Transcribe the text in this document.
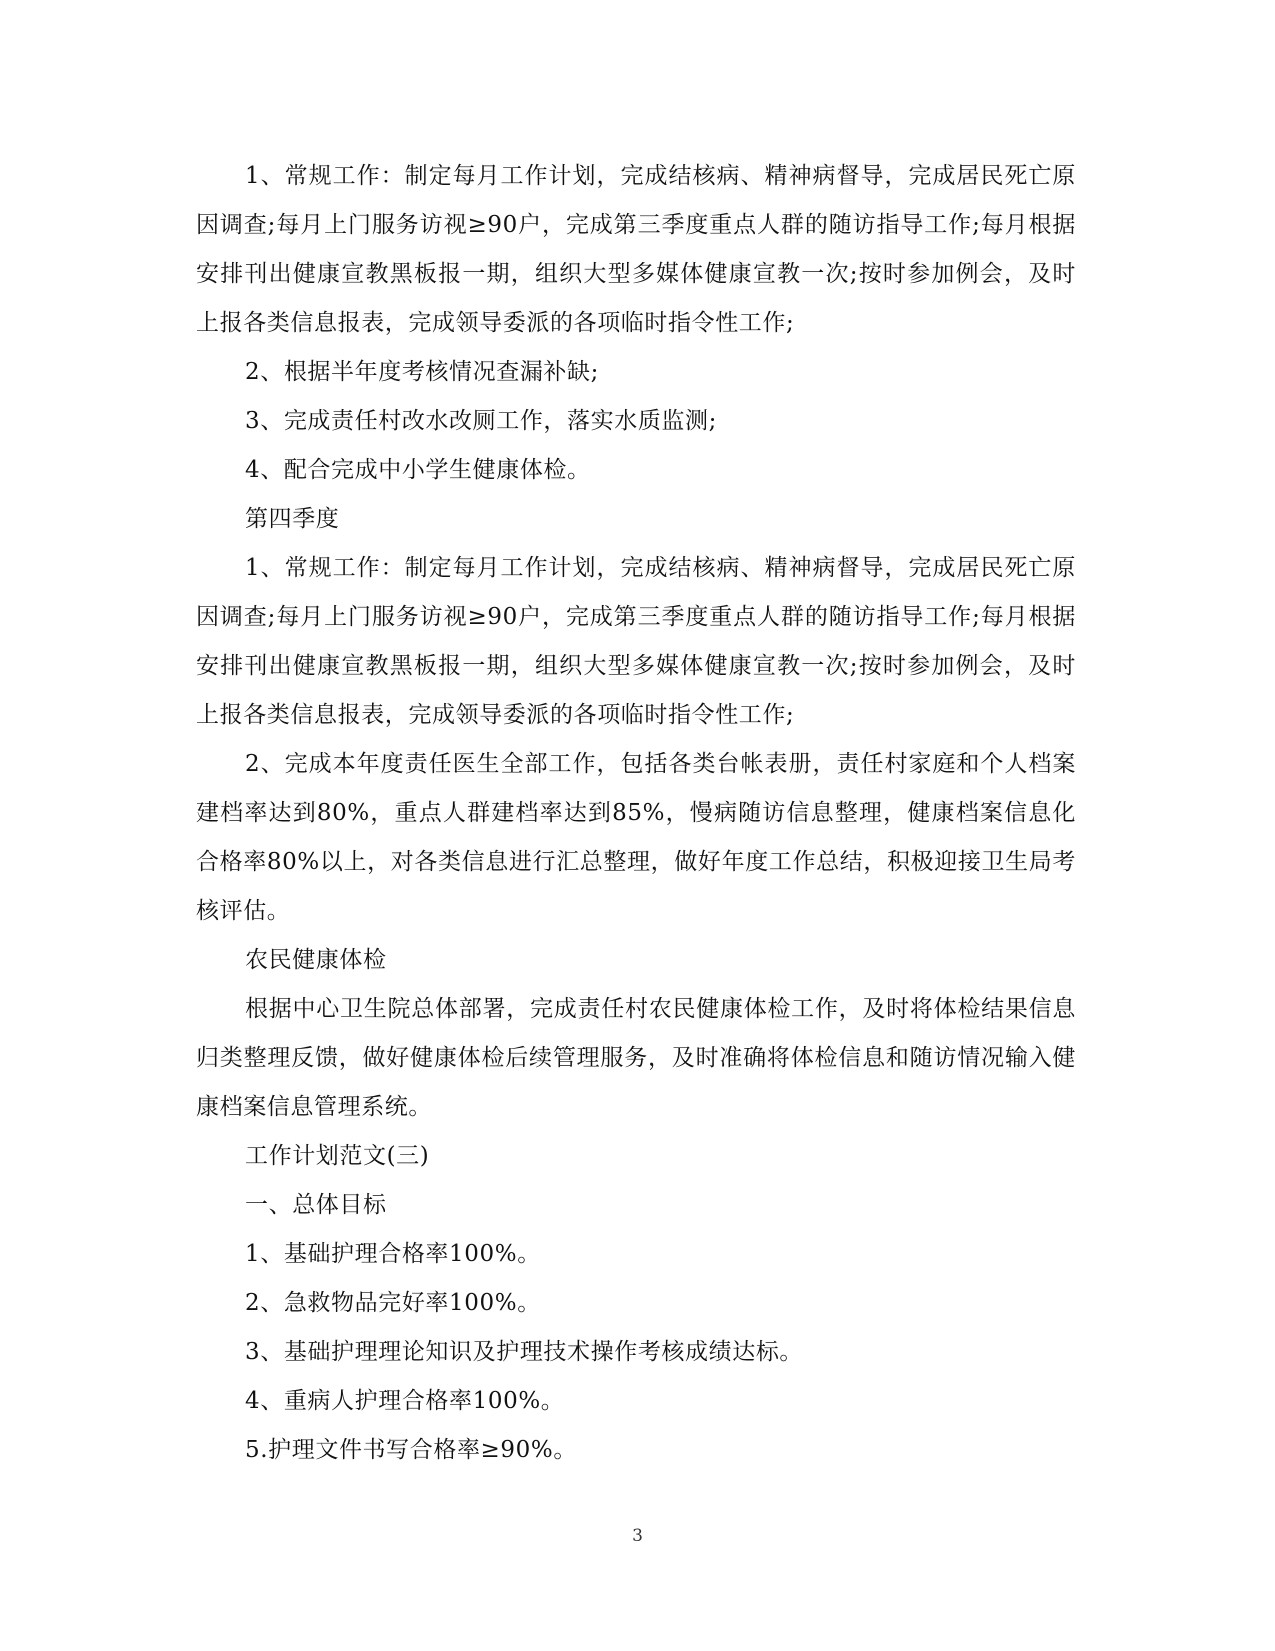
1、常规工作：制定每月工作计划，完成结核病、精神病督导，完成居民死亡原因调查;每月上门服务访视≥90户，完成第三季度重点人群的随访指导工作;每月根据安排刊出健康宣教黑板报一期，组织大型多媒体健康宣教一次;按时参加例会，及时上报各类信息报表，完成领导委派的各项临时指令性工作;

2、根据半年度考核情况查漏补缺;

3、完成责任村改水改厕工作，落实水质监测;

4、配合完成中小学生健康体检。

第四季度

1、常规工作：制定每月工作计划，完成结核病、精神病督导，完成居民死亡原因调查;每月上门服务访视≥90户，完成第三季度重点人群的随访指导工作;每月根据安排刊出健康宣教黑板报一期，组织大型多媒体健康宣教一次;按时参加例会，及时上报各类信息报表，完成领导委派的各项临时指令性工作;

2、完成本年度责任医生全部工作，包括各类台帐表册，责任村家庭和个人档案建档率达到80%，重点人群建档率达到85%，慢病随访信息整理，健康档案信息化合格率80%以上，对各类信息进行汇总整理，做好年度工作总结，积极迎接卫生局考核评估。

农民健康体检

根据中心卫生院总体部署，完成责任村农民健康体检工作，及时将体检结果信息归类整理反馈，做好健康体检后续管理服务，及时准确将体检信息和随访情况输入健康档案信息管理系统。

工作计划范文(三)

一、总体目标

1、基础护理合格率100%。

2、急救物品完好率100%。

3、基础护理理论知识及护理技术操作考核成绩达标。

4、重病人护理合格率100%。

5.护理文件书写合格率≥90%。

3
